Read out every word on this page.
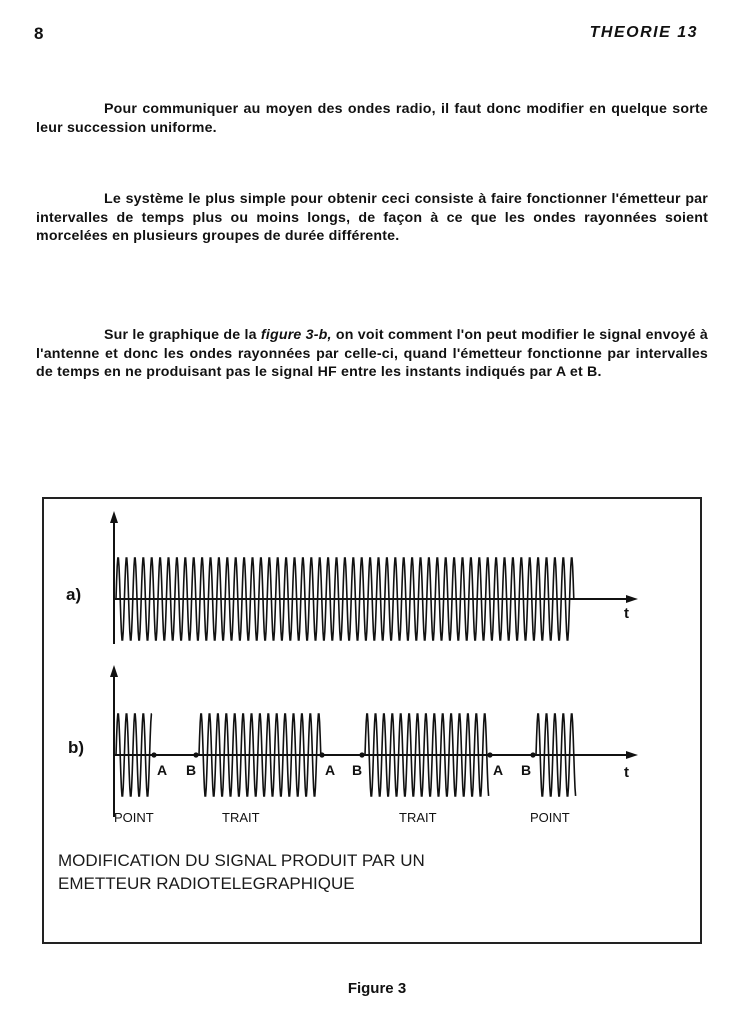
8	THEORIE 13

Pour communiquer au moyen des ondes radio, il faut donc modifier en quelque sorte leur succession uniforme.

Le système le plus simple pour obtenir ceci consiste à faire fonctionner l'émetteur par intervalles de temps plus ou moins longs, de façon à ce que les ondes rayonnées soient morcelées en plusieurs groupes de durée différente.

Sur le graphique de la figure 3-b, on voit comment l'on peut modifier le signal envoyé à l'antenne et donc les ondes rayonnées par celle-ci, quand l'émetteur fonctionne par intervalles de temps en ne produisant pas le signal HF entre les instants indiqués par A et B.

a)
t
b)
t
A B	A B	A B
POINT	TRAIT	TRAIT	POINT
MODIFICATION DU SIGNAL PRODUIT PAR UN
EMETTEUR RADIOTELEGRAPHIQUE
Figure 3
